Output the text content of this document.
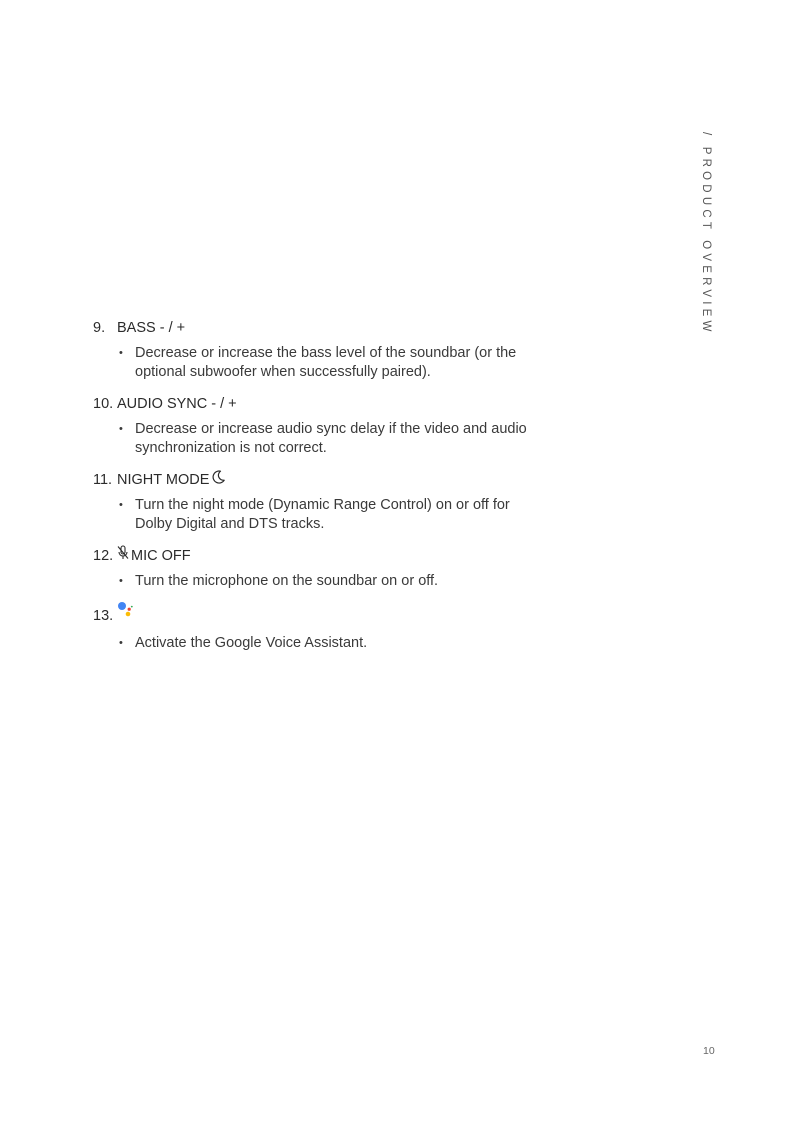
/ PRODUCT OVERVIEW
9. BASS - / +
• Decrease or increase the bass level of the soundbar (or the optional subwoofer when successfully paired).
10. AUDIO SYNC - / +
• Decrease or increase audio sync delay if the video and audio synchronization is not correct.
11. NIGHT MODE
• Turn the night mode (Dynamic Range Control) on or off for Dolby Digital and DTS tracks.
12. MIC OFF
• Turn the microphone on the soundbar on or off.
13.
• Activate the Google Voice Assistant.
10
